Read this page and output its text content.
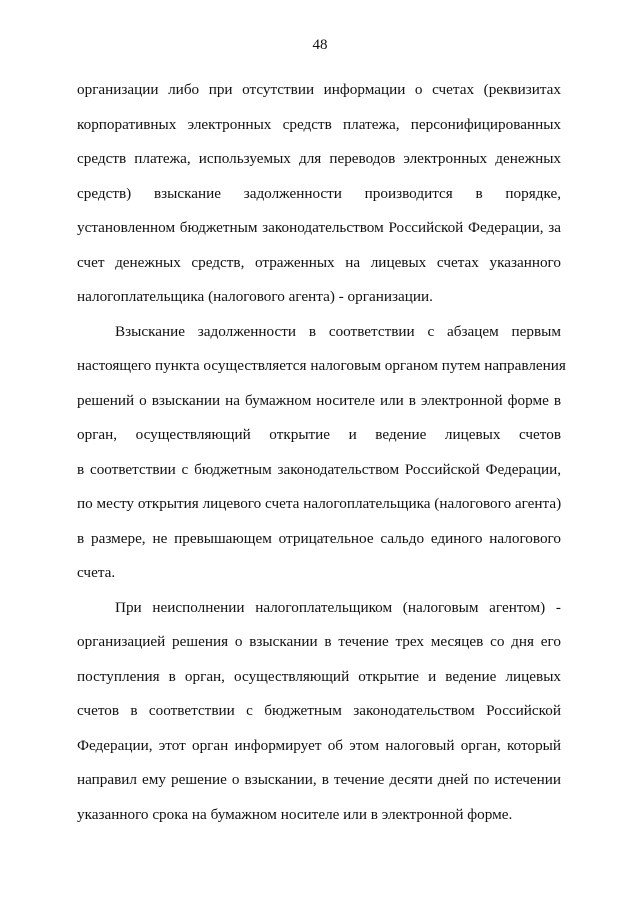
48
организации либо при отсутствии информации о счетах (реквизитах
корпоративных электронных средств платежа, персонифицированных
средств платежа, используемых для переводов электронных денежных
средств) взыскание задолженности производится в порядке,
установленном бюджетным законодательством Российской Федерации, за
счет денежных средств, отраженных на лицевых счетах указанного
налогоплательщика (налогового агента) - организации.
Взыскание задолженности в соответствии с абзацем первым
настоящего пункта осуществляется налоговым органом путем направления
решений о взыскании на бумажном носителе или в электронной форме в
орган, осуществляющий открытие и ведение лицевых счетов
в соответствии с бюджетным законодательством Российской Федерации,
по месту открытия лицевого счета налогоплательщика (налогового агента)
в размере, не превышающем отрицательное сальдо единого налогового
счета.
При неисполнении налогоплательщиком (налоговым агентом) -
организацией решения о взыскании в течение трех месяцев со дня его
поступления в орган, осуществляющий открытие и ведение лицевых
счетов в соответствии с бюджетным законодательством Российской
Федерации, этот орган информирует об этом налоговый орган, который
направил ему решение о взыскании, в течение десяти дней по истечении
указанного срока на бумажном носителе или в электронной форме.
